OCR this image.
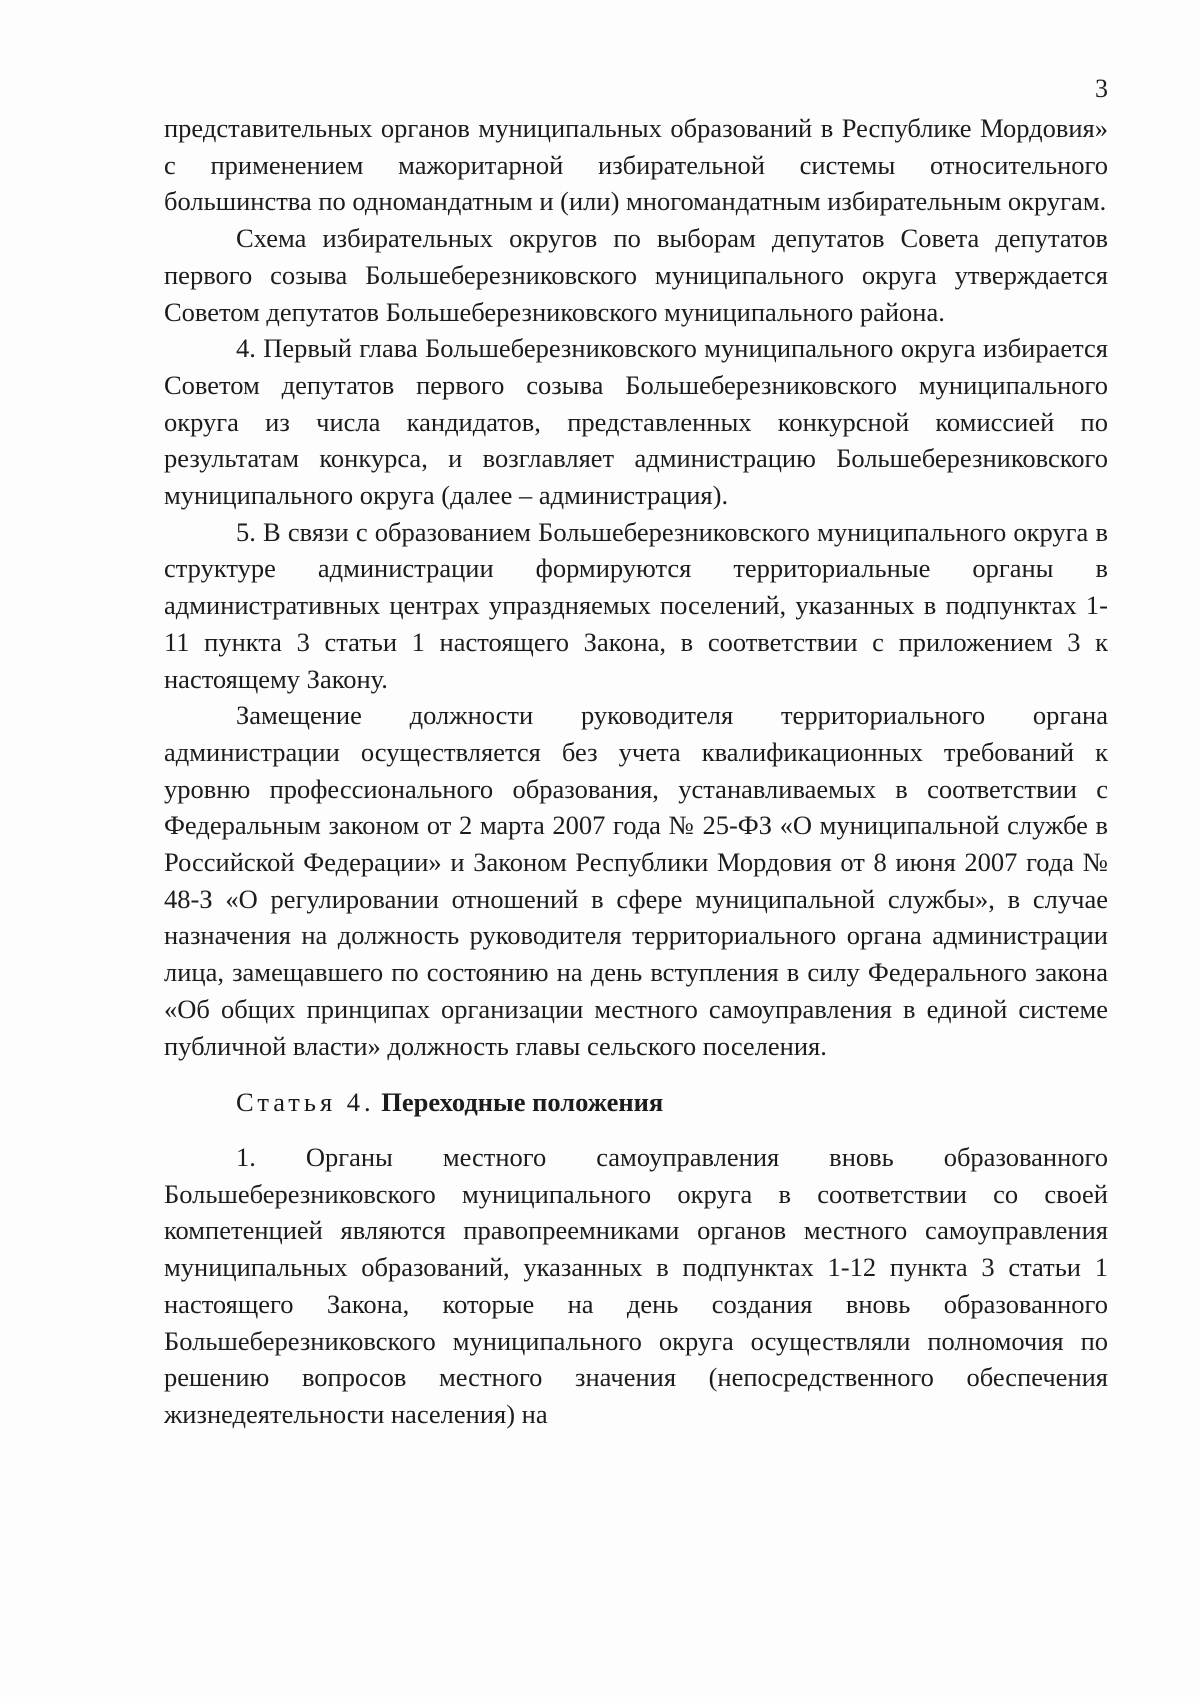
3

представительных органов муниципальных образований в Республике Мордовия» с применением мажоритарной избирательной системы относительного большинства по одномандатным и (или) многомандатным избирательным округам.

Схема избирательных округов по выборам депутатов Совета депутатов первого созыва Большеберезниковского муниципального округа утверждается Советом депутатов Большеберезниковского муниципального района.

4. Первый глава Большеберезниковского муниципального округа избирается Советом депутатов первого созыва Большеберезниковского муниципального округа из числа кандидатов, представленных конкурсной комиссией по результатам конкурса, и возглавляет администрацию Большеберезниковского муниципального округа (далее – администрация).

5. В связи с образованием Большеберезниковского муниципального округа в структуре администрации формируются территориальные органы в административных центрах упраздняемых поселений, указанных в подпунктах 1-11 пункта 3 статьи 1 настоящего Закона, в соответствии с приложением 3 к настоящему Закону.

Замещение должности руководителя территориального органа администрации осуществляется без учета квалификационных требований к уровню профессионального образования, устанавливаемых в соответствии с Федеральным законом от 2 марта 2007 года № 25-ФЗ «О муниципальной службе в Российской Федерации» и Законом Республики Мордовия от 8 июня 2007 года № 48-З «О регулировании отношений в сфере муниципальной службы», в случае назначения на должность руководителя территориального органа администрации лица, замещавшего по состоянию на день вступления в силу Федерального закона «Об общих принципах организации местного самоуправления в единой системе публичной власти» должность главы сельского поселения.

Статья 4. Переходные положения

1. Органы местного самоуправления вновь образованного Большеберезниковского муниципального округа в соответствии со своей компетенцией являются правопреемниками органов местного самоуправления муниципальных образований, указанных в подпунктах 1-12 пункта 3 статьи 1 настоящего Закона, которые на день создания вновь образованного Большеберезниковского муниципального округа осуществляли полномочия по решению вопросов местного значения (непосредственного обеспечения жизнедеятельности населения) на
